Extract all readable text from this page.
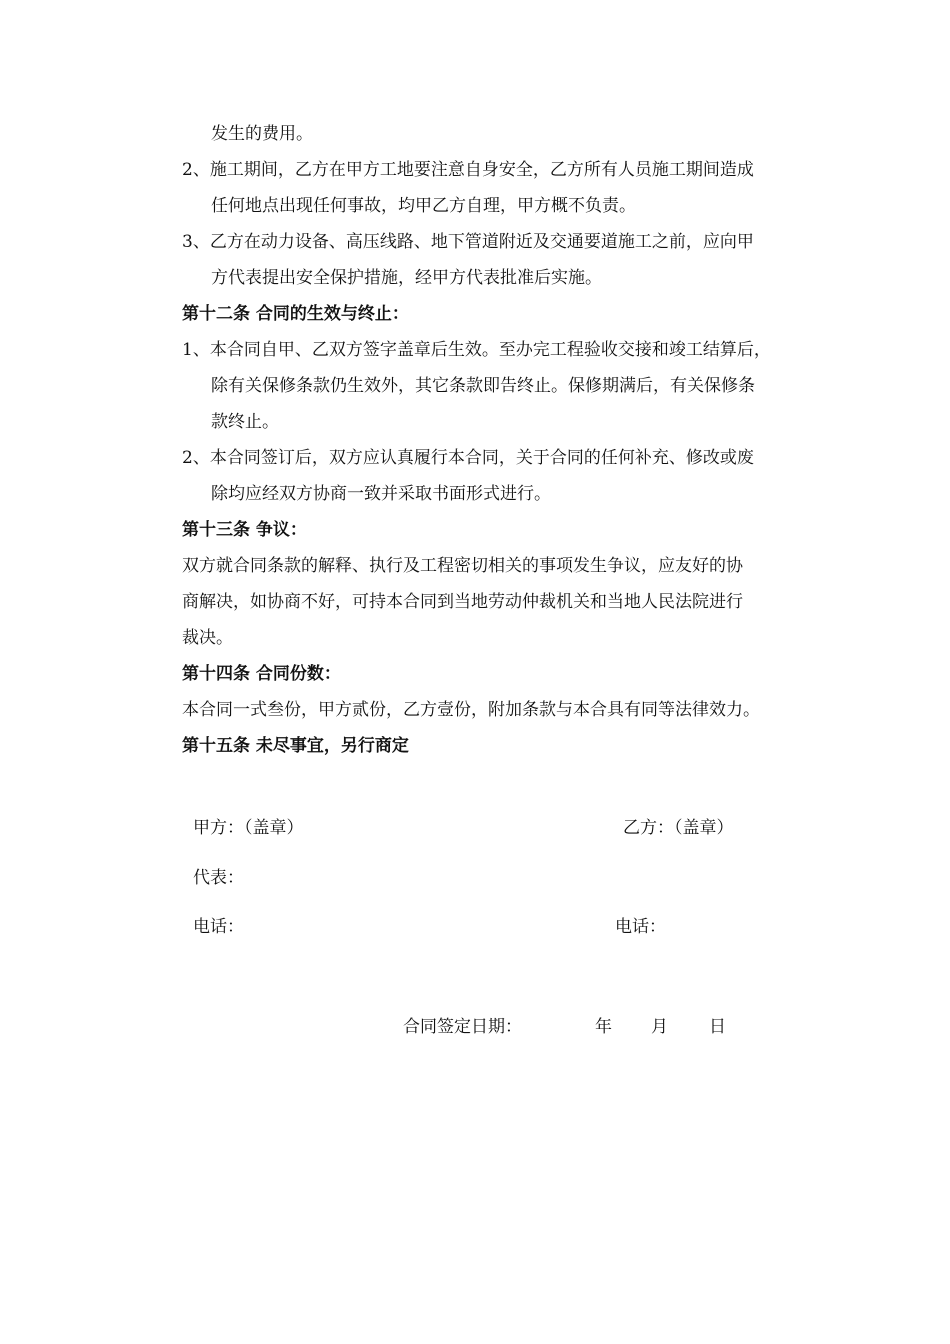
发生的费用。
2、施工期间，乙方在甲方工地要注意自身安全，乙方所有人员施工期间造成
任何地点出现任何事故，均甲乙方自理，甲方概不负责。
3、乙方在动力设备、高压线路、地下管道附近及交通要道施工之前，应向甲
方代表提出安全保护措施，经甲方代表批准后实施。
第十二条 合同的生效与终止：
1、本合同自甲、乙双方签字盖章后生效。至办完工程验收交接和竣工结算后，
除有关保修条款仍生效外，其它条款即告终止。保修期满后，有关保修条
款终止。
2、本合同签订后，双方应认真履行本合同，关于合同的任何补充、修改或废
除均应经双方协商一致并采取书面形式进行。
第十三条 争议：
双方就合同条款的解释、执行及工程密切相关的事项发生争议，应友好的协
商解决，如协商不好，可持本合同到当地劳动仲裁机关和当地人民法院进行
裁决。
第十四条 合同份数：
本合同一式叁份，甲方贰份，乙方壹份，附加条款与本合具有同等法律效力。
第十五条 未尽事宜，另行商定
甲方：（盖章）	乙方：（盖章）
代表：
电话：	电话：
合同签定日期：	年 月 日
